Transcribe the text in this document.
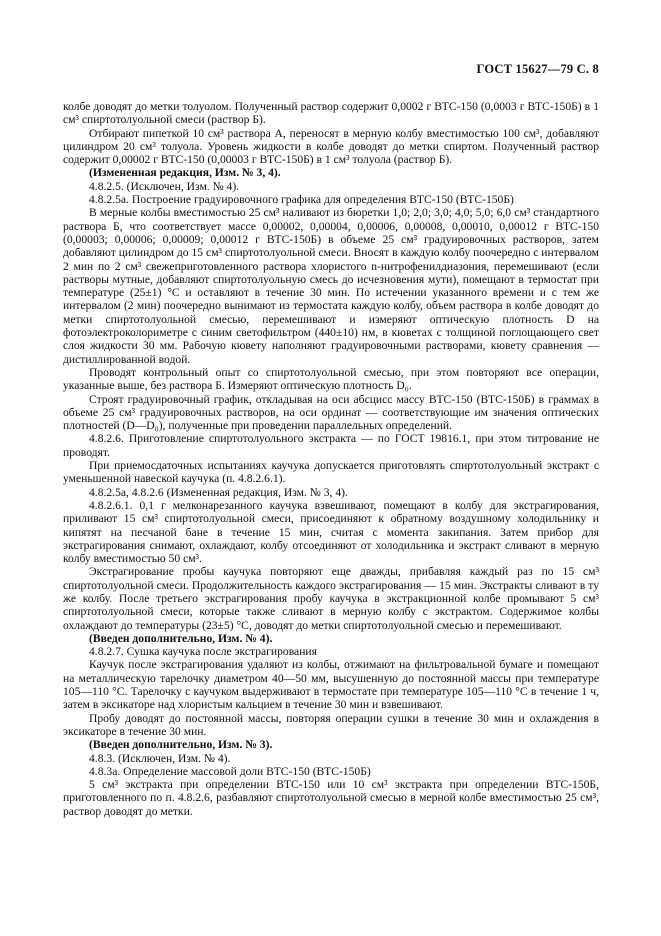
ГОСТ 15627—79 С. 8

колбе доводят до метки толуолом. Полученный раствор содержит 0,0002 г ВТС-150 (0,0003 г ВТС-150Б) в 1 см³ спиртотолуольной смеси (раствор Б).

Отбирают пипеткой 10 см³ раствора А, переносят в мерную колбу вместимостью 100 см³, добавляют цилиндром 20 см³ толуола. Уровень жидкости в колбе доводят до метки спиртом. Полученный раствор содержит 0,00002 г ВТС-150 (0,00003 г ВТС-150Б) в 1 см³ толуола (раствор Б).

(Измененная редакция, Изм. № 3, 4).

4.8.2.5. (Исключен, Изм. № 4).

4.8.2.5а. Построение градуировочного графика для определения ВТС-150 (ВТС-150Б)

В мерные колбы вместимостью 25 см³ наливают из бюретки 1,0; 2,0; 3,0; 4,0; 5,0; 6,0 см³ стандартного раствора Б, что соответствует массе 0,00002, 0,00004, 0,00006, 0,00008, 0,00010, 0,00012 г ВТС-150 (0,00003; 0,00006; 0,00009; 0,00012 г ВТС-150Б) в объеме 25 см³ градуировочных растворов, затем добавляют цилиндром до 15 см³ спиртотолуольной смеси. Вносят в каждую колбу поочередно с интервалом 2 мин по 2 см³ свежеприготовленного раствора хлористого n-нитрофенилдиазония, перемешивают (если растворы мутные, добавляют спиртотолуольную смесь до исчезновения мути), помещают в термостат при температуре (25±1) °С и оставляют в течение 30 мин. По истечении указанного времени и с тем же интервалом (2 мин) поочередно вынимают из термостата каждую колбу, объем раствора в колбе доводят до метки спиртотолуольной смесью, перемешивают и измеряют оптическую плотность D на фотоэлектроколориметре с синим светофильтром (440±10) нм, в кюветах с толщиной поглощающего свет слоя жидкости 30 мм. Рабочую кювету наполняют градуировочными растворами, кювету сравнения — дистиллированной водой.

Проводят контрольный опыт со спиртотолуольной смесью, при этом повторяют все операции, указанные выше, без раствора Б. Измеряют оптическую плотность D₀.

Строят градуировочный график, откладывая на оси абсцисс массу ВТС-150 (ВТС-150Б) в граммах в объеме 25 см³ градуировочных растворов, на оси ординат — соответствующие им значения оптических плотностей (D—D₀), полученные при проведении параллельных определений.

4.8.2.6. Приготовление спиртотолуольного экстракта — по ГОСТ 19816.1, при этом титрование не проводят.

При приемосдаточных испытаниях каучука допускается приготовлять спиртотолуольный экстракт с уменьшенной навеской каучука (п. 4.8.2.6.1).

4.8.2.5а, 4.8.2.6 (Измененная редакция, Изм. № 3, 4).

4.8.2.6.1. 0,1 г мелконарезанного каучука взвешивают, помещают в колбу для экстрагирования, приливают 15 см³ спиртотолуольной смеси, присоединяют к обратному воздушному холодильнику и кипятят на песчаной бане в течение 15 мин, считая с момента закипания. Затем прибор для экстрагирования снимают, охлаждают, колбу отсоединяют от холодильника и экстракт сливают в мерную колбу вместимостью 50 см³.

Экстрагирование пробы каучука повторяют еще дважды, прибавляя каждый раз по 15 см³ спиртотолуольной смеси. Продолжительность каждого экстрагирования — 15 мин. Экстракты сливают в ту же колбу. После третьего экстрагирования пробу каучука в экстракционной колбе промывают 5 см³ спиртотолуольной смеси, которые также сливают в мерную колбу с экстрактом. Содержимое колбы охлаждают до температуры (23±5) °С, доводят до метки спиртотолуольной смесью и перемешивают.

(Введен дополнительно, Изм. № 4).

4.8.2.7. Сушка каучука после экстрагирования

Каучук после экстрагирования удаляют из колбы, отжимают на фильтровальной бумаге и помещают на металлическую тарелочку диаметром 40—50 мм, высушенную до постоянной массы при температуре 105—110 °С. Тарелочку с каучуком выдерживают в термостате при температуре 105—110 °С в течение 1 ч, затем в эксикаторе над хлористым кальцием в течение 30 мин и взвешивают.

Пробу доводят до постоянной массы, повторяя операции сушки в течение 30 мин и охлаждения в эксикаторе в течение 30 мин.

(Введен дополнительно, Изм. № 3).

4.8.3. (Исключен, Изм. № 4).

4.8.3а. Определение массовой доли ВТС-150 (ВТС-150Б)

5 см³ экстракта при определении ВТС-150 или 10 см³ экстракта при определении ВТС-150Б, приготовленного по п. 4.8.2.6, разбавляют спиртотолуольной смесью в мерной колбе вместимостью 25 см³, раствор доводят до метки.
